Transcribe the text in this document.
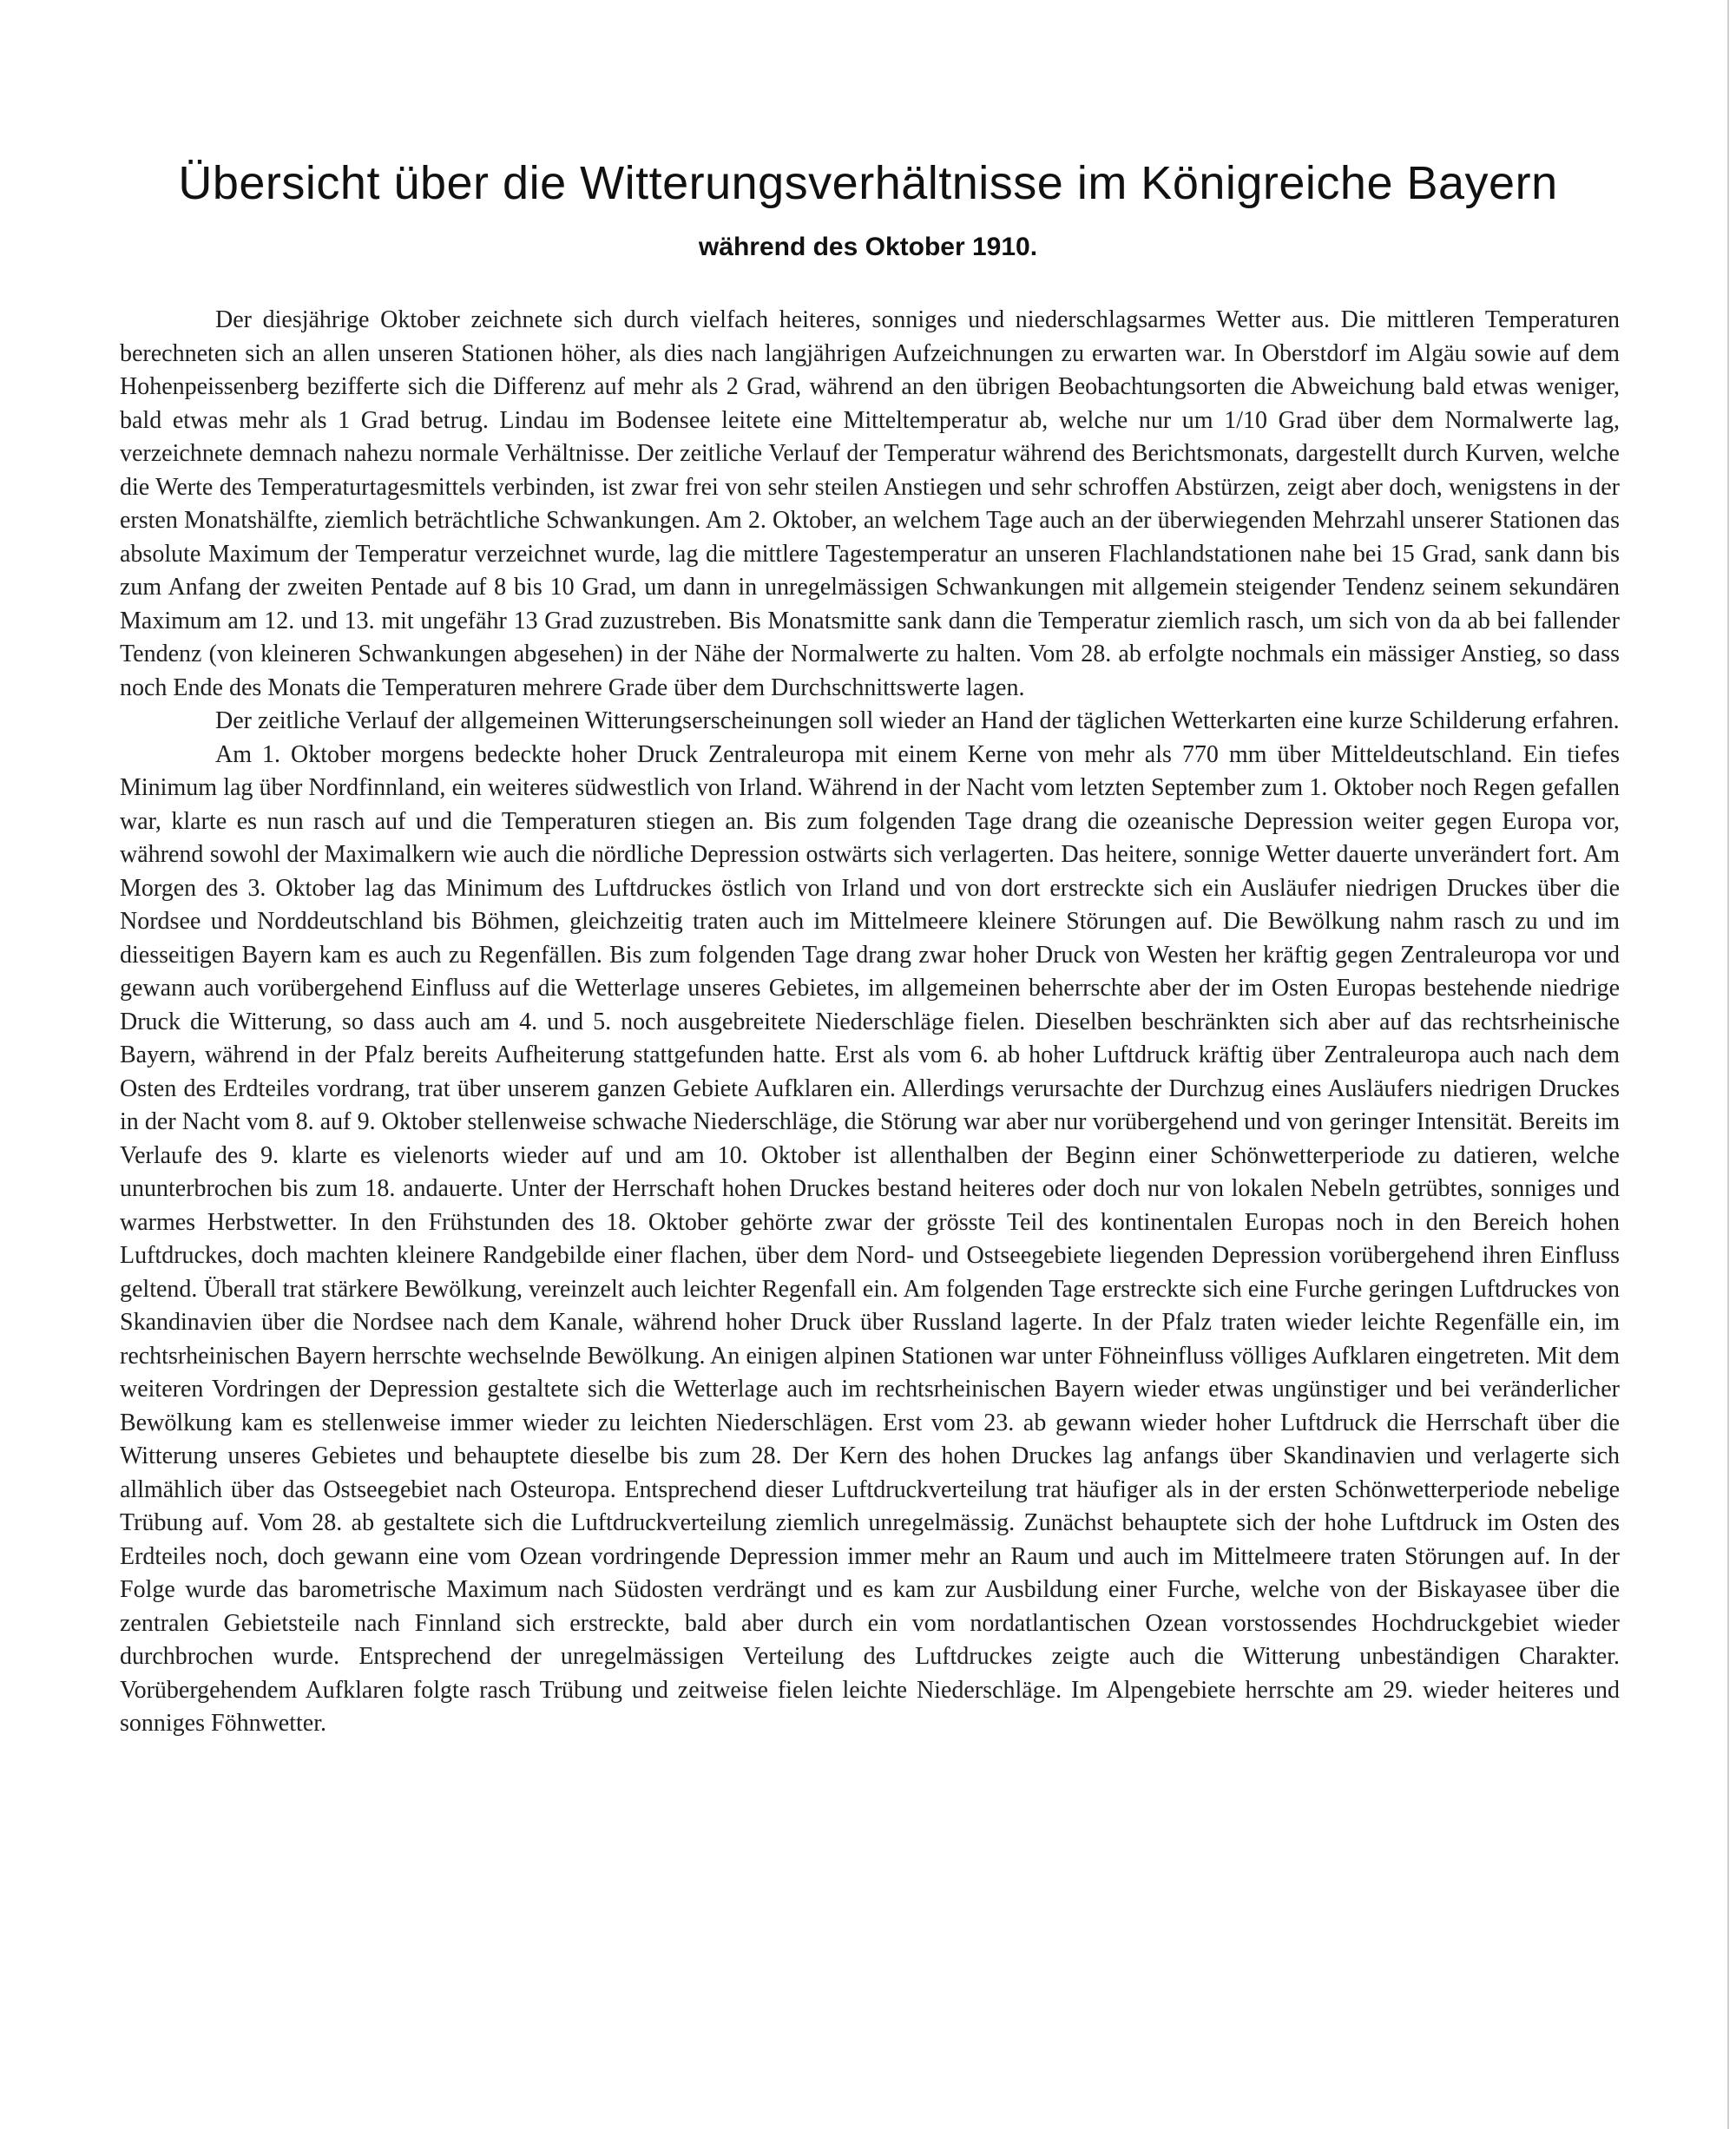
Übersicht über die Witterungsverhältnisse im Königreiche Bayern
während des Oktober 1910.

Der diesjährige Oktober zeichnete sich durch vielfach heiteres, sonniges und niederschlagsarmes Wetter aus. Die mittleren Temperaturen berechneten sich an allen unseren Stationen höher, als dies nach langjährigen Aufzeichnungen zu erwarten war. In Oberstdorf im Algäu sowie auf dem Hohenpeissenberg bezifferte sich die Differenz auf mehr als 2 Grad, während an den übrigen Beobachtungsorten die Abweichung bald etwas weniger, bald etwas mehr als 1 Grad betrug. Lindau im Bodensee leitete eine Mitteltemperatur ab, welche nur um 1/10 Grad über dem Normalwerte lag, verzeichnete demnach nahezu normale Verhältnisse. Der zeitliche Verlauf der Temperatur während des Berichtsmonats, dargestellt durch Kurven, welche die Werte des Temperaturtagesmittels verbinden, ist zwar frei von sehr steilen Anstiegen und sehr schroffen Abstürzen, zeigt aber doch, wenigstens in der ersten Monatshälfte, ziemlich beträchtliche Schwankungen. Am 2. Oktober, an welchem Tage auch an der überwiegenden Mehrzahl unserer Stationen das absolute Maximum der Temperatur verzeichnet wurde, lag die mittlere Tagestemperatur an unseren Flachlandstationen nahe bei 15 Grad, sank dann bis zum Anfang der zweiten Pentade auf 8 bis 10 Grad, um dann in unregelmässigen Schwankungen mit allgemein steigender Tendenz seinem sekundären Maximum am 12. und 13. mit ungefähr 13 Grad zuzustreben. Bis Monatsmitte sank dann die Temperatur ziemlich rasch, um sich von da ab bei fallender Tendenz (von kleineren Schwankungen abgesehen) in der Nähe der Normalwerte zu halten. Vom 28. ab erfolgte nochmals ein mässiger Anstieg, so dass noch Ende des Monats die Temperaturen mehrere Grade über dem Durchschnittswerte lagen.

Der zeitliche Verlauf der allgemeinen Witterungserscheinungen soll wieder an Hand der täglichen Wetterkarten eine kurze Schilderung erfahren.

Am 1. Oktober morgens bedeckte hoher Druck Zentraleuropa mit einem Kerne von mehr als 770 mm über Mitteldeutschland. Ein tiefes Minimum lag über Nordfinnland, ein weiteres südwestlich von Irland. Während in der Nacht vom letzten September zum 1. Oktober noch Regen gefallen war, klarte es nun rasch auf und die Temperaturen stiegen an. Bis zum folgenden Tage drang die ozeanische Depression weiter gegen Europa vor, während sowohl der Maximalkern wie auch die nördliche Depression ostwärts sich verlagerten. Das heitere, sonnige Wetter dauerte unverändert fort. Am Morgen des 3. Oktober lag das Minimum des Luftdruckes östlich von Irland und von dort erstreckte sich ein Ausläufer niedrigen Druckes über die Nordsee und Norddeutschland bis Böhmen, gleichzeitig traten auch im Mittelmeere kleinere Störungen auf. Die Bewölkung nahm rasch zu und im diesseitigen Bayern kam es auch zu Regenfällen. Bis zum folgenden Tage drang zwar hoher Druck von Westen her kräftig gegen Zentraleuropa vor und gewann auch vorübergehend Einfluss auf die Wetterlage unseres Gebietes, im allgemeinen beherrschte aber der im Osten Europas bestehende niedrige Druck die Witterung, so dass auch am 4. und 5. noch ausgebreitete Niederschläge fielen. Dieselben beschränkten sich aber auf das rechtsrheinische Bayern, während in der Pfalz bereits Aufheiterung stattgefunden hatte. Erst als vom 6. ab hoher Luftdruck kräftig über Zentraleuropa auch nach dem Osten des Erdteiles vordrang, trat über unserem ganzen Gebiete Aufklaren ein. Allerdings verursachte der Durchzug eines Ausläufers niedrigen Druckes in der Nacht vom 8. auf 9. Oktober stellenweise schwache Niederschläge, die Störung war aber nur vorübergehend und von geringer Intensität. Bereits im Verlaufe des 9. klarte es vielenorts wieder auf und am 10. Oktober ist allenthalben der Beginn einer Schönwetterperiode zu datieren, welche ununterbrochen bis zum 18. andauerte. Unter der Herrschaft hohen Druckes bestand heiteres oder doch nur von lokalen Nebeln getrübtes, sonniges und warmes Herbstwetter. In den Frühstunden des 18. Oktober gehörte zwar der grösste Teil des kontinentalen Europas noch in den Bereich hohen Luftdruckes, doch machten kleinere Randgebilde einer flachen, über dem Nord- und Ostseegebiete liegenden Depression vorübergehend ihren Einfluss geltend. Überall trat stärkere Bewölkung, vereinzelt auch leichter Regenfall ein. Am folgenden Tage erstreckte sich eine Furche geringen Luftdruckes von Skandinavien über die Nordsee nach dem Kanale, während hoher Druck über Russland lagerte. In der Pfalz traten wieder leichte Regenfälle ein, im rechtsrheinischen Bayern herrschte wechselnde Bewölkung. An einigen alpinen Stationen war unter Föhneinfluss völliges Aufklaren eingetreten. Mit dem weiteren Vordringen der Depression gestaltete sich die Wetterlage auch im rechtsrheinischen Bayern wieder etwas ungünstiger und bei veränderlicher Bewölkung kam es stellenweise immer wieder zu leichten Niederschlägen. Erst vom 23. ab gewann wieder hoher Luftdruck die Herrschaft über die Witterung unseres Gebietes und behauptete dieselbe bis zum 28. Der Kern des hohen Druckes lag anfangs über Skandinavien und verlagerte sich allmählich über das Ostseegebiet nach Osteuropa. Entsprechend dieser Luftdruckverteilung trat häufiger als in der ersten Schönwetterperiode nebelige Trübung auf. Vom 28. ab gestaltete sich die Luftdruckverteilung ziemlich unregelmässig. Zunächst behauptete sich der hohe Luftdruck im Osten des Erdteiles noch, doch gewann eine vom Ozean vordringende Depression immer mehr an Raum und auch im Mittelmeere traten Störungen auf. In der Folge wurde das barometrische Maximum nach Südosten verdrängt und es kam zur Ausbildung einer Furche, welche von der Biskayasee über die zentralen Gebietsteile nach Finnland sich erstreckte, bald aber durch ein vom nordatlantischen Ozean vorstossendes Hochdruckgebiet wieder durchbrochen wurde. Entsprechend der unregelmässigen Verteilung des Luftdruckes zeigte auch die Witterung unbeständigen Charakter. Vorübergehendem Aufklaren folgte rasch Trübung und zeitweise fielen leichte Niederschläge. Im Alpengebiete herrschte am 29. wieder heiteres und sonniges Föhnwetter.
